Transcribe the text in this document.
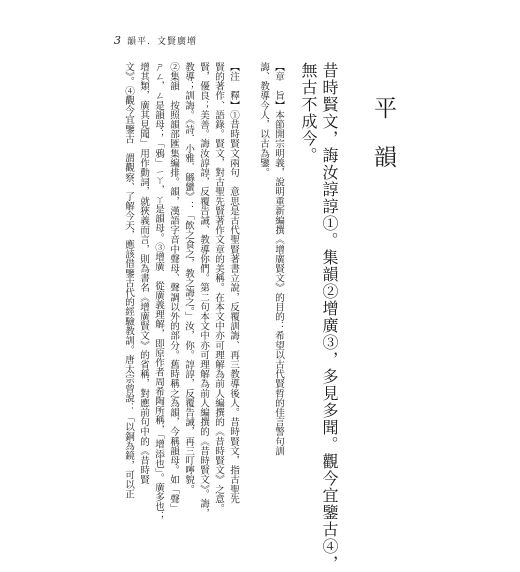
3 韻平．文賢廣增
平韻
昔時賢文，誨汝諄諄①。集韻②增廣③，多見多聞。觀今宜鑒古④，
無古不成今。
【章　旨】本節開宗明義，說明重新編撰《增廣賢文》的目的：希望以古代賢哲的佳言警句訓
誨、教導今人，以古為鑒。
【注　釋】①昔時賢文兩句　意思是古代聖賢著書立說，反覆訓誨、再三教導後人。昔時賢文，指古聖先
賢的著作、語錄。賢文，對古聖先賢著作文章的美稱。在本文中亦可理解為前人編撰的《昔時賢文》之意。
賢，優良；美善。誨汝諄諄，反覆告誡、教導你們。第二句本文中亦可理解為前人編撰的《昔時賢文》。誨，
教導；訓誨。《詩．小雅．緜蠻》：「飲之食之，教之誨之。」汝，你。諄諄，反覆告誡，再三叮嚀貌。
②集韻　按照韻部匯集編排。韻，漢語字音中聲母、聲調以外的部分。舊時稱之為韻，今稱韻母。如「聲」
ㄕㄥ，ㄥ是韻母；「鴉」ㄧㄚ，ㄚ是韻母。③增廣　從廣義理解，即原作者周希陶所稱，「增添也」。廣多也；
增其類，廣其見聞」用作動詞，就狹義而言，則為書名《增廣賢文》的省稱，對應前句中的《昔時賢
文》。④觀今宜鑒古　謂觀察、了解今天，應該借鑒古代的經驗教訓。唐太宗曾說：「以銅為鏡，可以正
